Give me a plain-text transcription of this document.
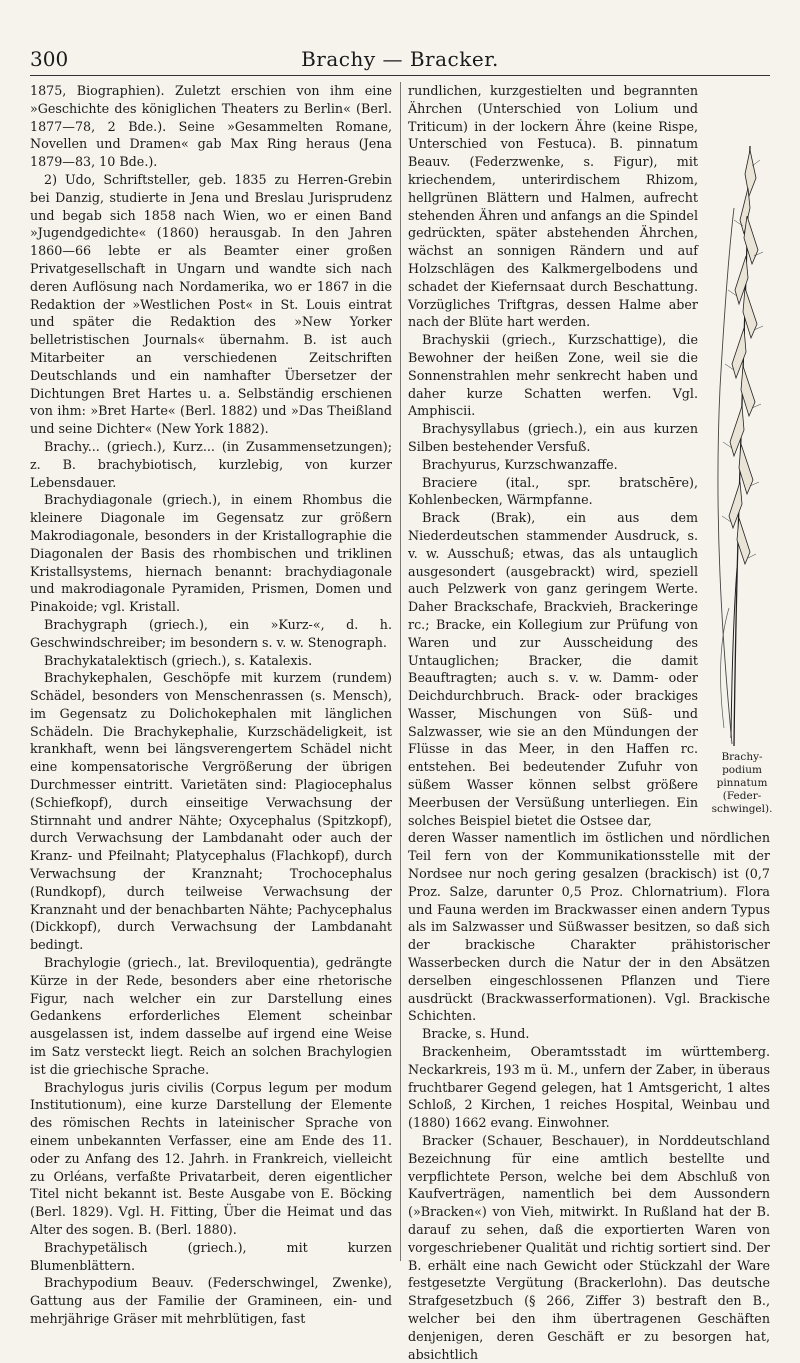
300	Brachy — Bracker.

1875, Biographien). Zuletzt erschien von ihm eine »Geschichte des königlichen Theaters zu Berlin« (Berl. 1877—78, 2 Bde.). Seine »Gesammelten Romane, Novellen und Dramen« gab Max Ring heraus (Jena 1879—83, 10 Bde.).

2) Udo, Schriftsteller, geb. 1835 zu Herren-Grebin bei Danzig, studierte in Jena und Breslau Jurisprudenz und begab sich 1858 nach Wien, wo er einen Band »Jugendgedichte« (1860) herausgab. In den Jahren 1860—66 lebte er als Beamter einer großen Privatgesellschaft in Ungarn und wandte sich nach deren Auflösung nach Nordamerika, wo er 1867 in die Redaktion der »Westlichen Post« in St. Louis eintrat und später die Redaktion des »New Yorker belletristischen Journals« übernahm. B. ist auch Mitarbeiter an verschiedenen Zeitschriften Deutschlands und ein namhafter Übersetzer der Dichtungen Bret Hartes u. a. Selbständig erschienen von ihm: »Bret Harte« (Berl. 1882) und »Das Theißland und seine Dichter« (New York 1882).

Brachy... (griech.), Kurz... (in Zusammensetzungen); z. B. brachybiotisch, kurzlebig, von kurzer Lebensdauer.

Brachydiagonale (griech.), in einem Rhombus die kleinere Diagonale im Gegensatz zur größern Makrodiagonale, besonders in der Kristallographie die Diagonalen der Basis des rhombischen und triklinen Kristallsystems, hiernach benannt: brachydiagonale und makrodiagonale Pyramiden, Prismen, Domen und Pinakoide; vgl. Kristall.

Brachygraph (griech.), ein »Kurz-«, d. h. Geschwindschreiber; im besondern s. v. w. Stenograph.

Brachykatalektisch (griech.), s. Katalexis.

Brachykephalen, Geschöpfe mit kurzem (rundem) Schädel, besonders von Menschenrassen (s. Mensch), im Gegensatz zu Dolichokephalen mit länglichen Schädeln. Die Brachykephalie, Kurzschädeligkeit, ist krankhaft, wenn bei längsverengertem Schädel nicht eine kompensatorische Vergrößerung der übrigen Durchmesser eintritt. Varietäten sind: Plagiocephalus (Schiefkopf), durch einseitige Verwachsung der Stirnnaht und andrer Nähte; Oxycephalus (Spitzkopf), durch Verwachsung der Lambdanaht oder auch der Kranz- und Pfeilnaht; Platycephalus (Flachkopf), durch Verwachsung der Kranznaht; Trochocephalus (Rundkopf), durch teilweise Verwachsung der Kranznaht und der benachbarten Nähte; Pachycephalus (Dickkopf), durch Verwachsung der Lambdanaht bedingt.

Brachylogie (griech., lat. Breviloquentia), gedrängte Kürze in der Rede, besonders aber eine rhetorische Figur, nach welcher ein zur Darstellung eines Gedankens erforderliches Element scheinbar ausgelassen ist, indem dasselbe auf irgend eine Weise im Satz versteckt liegt. Reich an solchen Brachylogien ist die griechische Sprache.

Brachylogus juris civilis (Corpus legum per modum Institutionum), eine kurze Darstellung der Elemente des römischen Rechts in lateinischer Sprache von einem unbekannten Verfasser, eine am Ende des 11. oder zu Anfang des 12. Jahrh. in Frankreich, vielleicht zu Orléans, verfaßte Privatarbeit, deren eigentlicher Titel nicht bekannt ist. Beste Ausgabe von E. Böcking (Berl. 1829). Vgl. H. Fitting, Über die Heimat und das Alter des sogen. B. (Berl. 1880).

Brachypetälisch (griech.), mit kurzen Blumenblättern.

Brachypodium Beauv. (Federschwingel, Zwenke), Gattung aus der Familie der Gramineen, ein- und mehrjährige Gräser mit mehrblütigen, fast

Brachy-
podium
pinnatum
(Feder-
schwingel).

rundlichen, kurzgestielten und begrannten Ährchen (Unterschied von Lolium und Triticum) in der lockern Ähre (keine Rispe, Unterschied von Festuca). B. pinnatum Beauv. (Federzwenke, s. Figur), mit kriechendem, unterirdischem Rhizom, hellgrünen Blättern und Halmen, aufrecht stehenden Ähren und anfangs an die Spindel gedrückten, später abstehenden Ährchen, wächst an sonnigen Rändern und auf Holzschlägen des Kalkmergelbodens und schadet der Kiefernsaat durch Beschattung. Vorzügliches Triftgras, dessen Halme aber nach der Blüte hart werden.

Brachyskii (griech., Kurzschattige), die Bewohner der heißen Zone, weil sie die Sonnenstrahlen mehr senkrecht haben und daher kurze Schatten werfen. Vgl. Amphiscii.

Brachysyllabus (griech.), ein aus kurzen Silben bestehender Versfuß.

Brachyurus, Kurzschwanzaffe.

Braciere (ital., spr. bratschēre), Kohlenbecken, Wärmpfanne.

Brack (Brak), ein aus dem Niederdeutschen stammender Ausdruck, s. v. w. Ausschuß; etwas, das als untauglich ausgesondert (ausgebrackt) wird, speziell auch Pelzwerk von ganz geringem Werte. Daher Brackschafe, Brackvieh, Brackeringe rc.; Bracke, ein Kollegium zur Prüfung von Waren und zur Ausscheidung des Untauglichen; Bracker, die damit Beauftragten; auch s. v. w. Damm- oder Deichdurchbruch. Brack- oder brackiges Wasser, Mischungen von Süß- und Salzwasser, wie sie an den Mündungen der Flüsse in das Meer, in den Haffen rc. entstehen. Bei bedeutender Zufuhr von süßem Wasser können selbst größere Meerbusen der Versüßung unterliegen. Ein solches Beispiel bietet die Ostsee dar,

deren Wasser namentlich im östlichen und nördlichen Teil fern von der Kommunikationsstelle mit der Nordsee nur noch gering gesalzen (brackisch) ist (0,7 Proz. Salze, darunter 0,5 Proz. Chlornatrium). Flora und Fauna werden im Brackwasser einen andern Typus als im Salzwasser und Süßwasser besitzen, so daß sich der brackische Charakter prähistorischer Wasserbecken durch die Natur der in den Absätzen derselben eingeschlossenen Pflanzen und Tiere ausdrückt (Brackwasserformationen). Vgl. Brackische Schichten.

Bracke, s. Hund.

Brackenheim, Oberamtsstadt im württemberg. Neckarkreis, 193 m ü. M., unfern der Zaber, in überaus fruchtbarer Gegend gelegen, hat 1 Amtsgericht, 1 altes Schloß, 2 Kirchen, 1 reiches Hospital, Weinbau und (1880) 1662 evang. Einwohner.

Bracker (Schauer, Beschauer), in Norddeutschland Bezeichnung für eine amtlich bestellte und verpflichtete Person, welche bei dem Abschluß von Kaufverträgen, namentlich bei dem Aussondern (»Bracken«) von Vieh, mitwirkt. In Rußland hat der B. darauf zu sehen, daß die exportierten Waren von vorgeschriebener Qualität und richtig sortiert sind. Der B. erhält eine nach Gewicht oder Stückzahl der Ware festgesetzte Vergütung (Brackerlohn). Das deutsche Strafgesetzbuch (§ 266, Ziffer 3) bestraft den B., welcher bei den ihm übertragenen Geschäften denjenigen, deren Geschäft er zu besorgen hat, absichtlich
